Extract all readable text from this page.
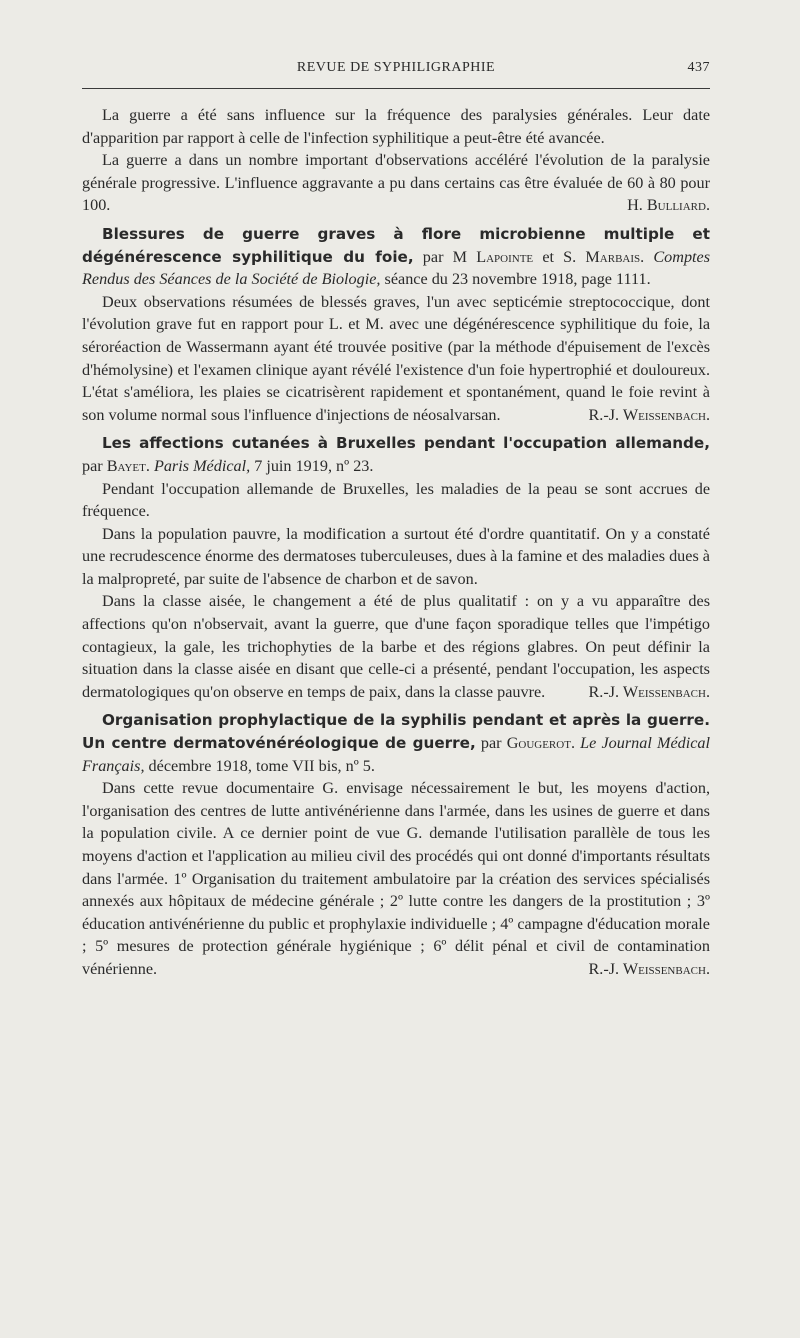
REVUE DE SYPHILIGRAPHIE	437

La guerre a été sans influence sur la fréquence des paralysies générales. Leur date d'apparition par rapport à celle de l'infection syphilitique a peut-être été avancée.

La guerre a dans un nombre important d'observations accéléré l'évolution de la paralysie générale progressive. L'influence aggravante a pu dans certains cas être évaluée de 60 à 80 pour 100.	H. Bulliard.

Blessures de guerre graves à flore microbienne multiple et dégénérescence syphilitique du foie, par M Lapointe et S. Marbais. Comptes Rendus des Séances de la Société de Biologie, séance du 23 novembre 1918, page 1111.

Deux observations résumées de blessés graves, l'un avec septicémie streptococcique, dont l'évolution grave fut en rapport pour L. et M. avec une dégénérescence syphilitique du foie, la séroréaction de Wassermann ayant été trouvée positive (par la méthode d'épuisement de l'excès d'hémolysine) et l'examen clinique ayant révélé l'existence d'un foie hypertrophié et douloureux. L'état s'améliora, les plaies se cicatrisèrent rapidement et spontanément, quand le foie revint à son volume normal sous l'influence d'injections de néosalvarsan.	R.-J. Weissenbach.

Les affections cutanées à Bruxelles pendant l'occupation allemande, par Bayet. Paris Médical, 7 juin 1919, nº 23.

Pendant l'occupation allemande de Bruxelles, les maladies de la peau se sont accrues de fréquence.

Dans la population pauvre, la modification a surtout été d'ordre quantitatif. On y a constaté une recrudescence énorme des dermatoses tuberculeuses, dues à la famine et des maladies dues à la malpropreté, par suite de l'absence de charbon et de savon.

Dans la classe aisée, le changement a été de plus qualitatif : on y a vu apparaître des affections qu'on n'observait, avant la guerre, que d'une façon sporadique telles que l'impétigo contagieux, la gale, les trichophyties de la barbe et des régions glabres. On peut définir la situation dans la classe aisée en disant que celle-ci a présenté, pendant l'occupation, les aspects dermatologiques qu'on observe en temps de paix, dans la classe pauvre.	R.-J. Weissenbach.

Organisation prophylactique de la syphilis pendant et après la guerre. Un centre dermatovénéréologique de guerre, par Gougerot. Le Journal Médical Français, décembre 1918, tome VII bis, nº 5.

Dans cette revue documentaire G. envisage nécessairement le but, les moyens d'action, l'organisation des centres de lutte antivénérienne dans l'armée, dans les usines de guerre et dans la population civile. A ce dernier point de vue G. demande l'utilisation parallèle de tous les moyens d'action et l'application au milieu civil des procédés qui ont donné d'importants résultats dans l'armée. 1º Organisation du traitement ambulatoire par la création des services spécialisés annexés aux hôpitaux de médecine générale ; 2º lutte contre les dangers de la prostitution ; 3º éducation antivénérienne du public et prophylaxie individuelle ; 4º campagne d'éducation morale ; 5º mesures de protection générale hygiénique ; 6º délit pénal et civil de contamination vénérienne.	R.-J. Weissenbach.
